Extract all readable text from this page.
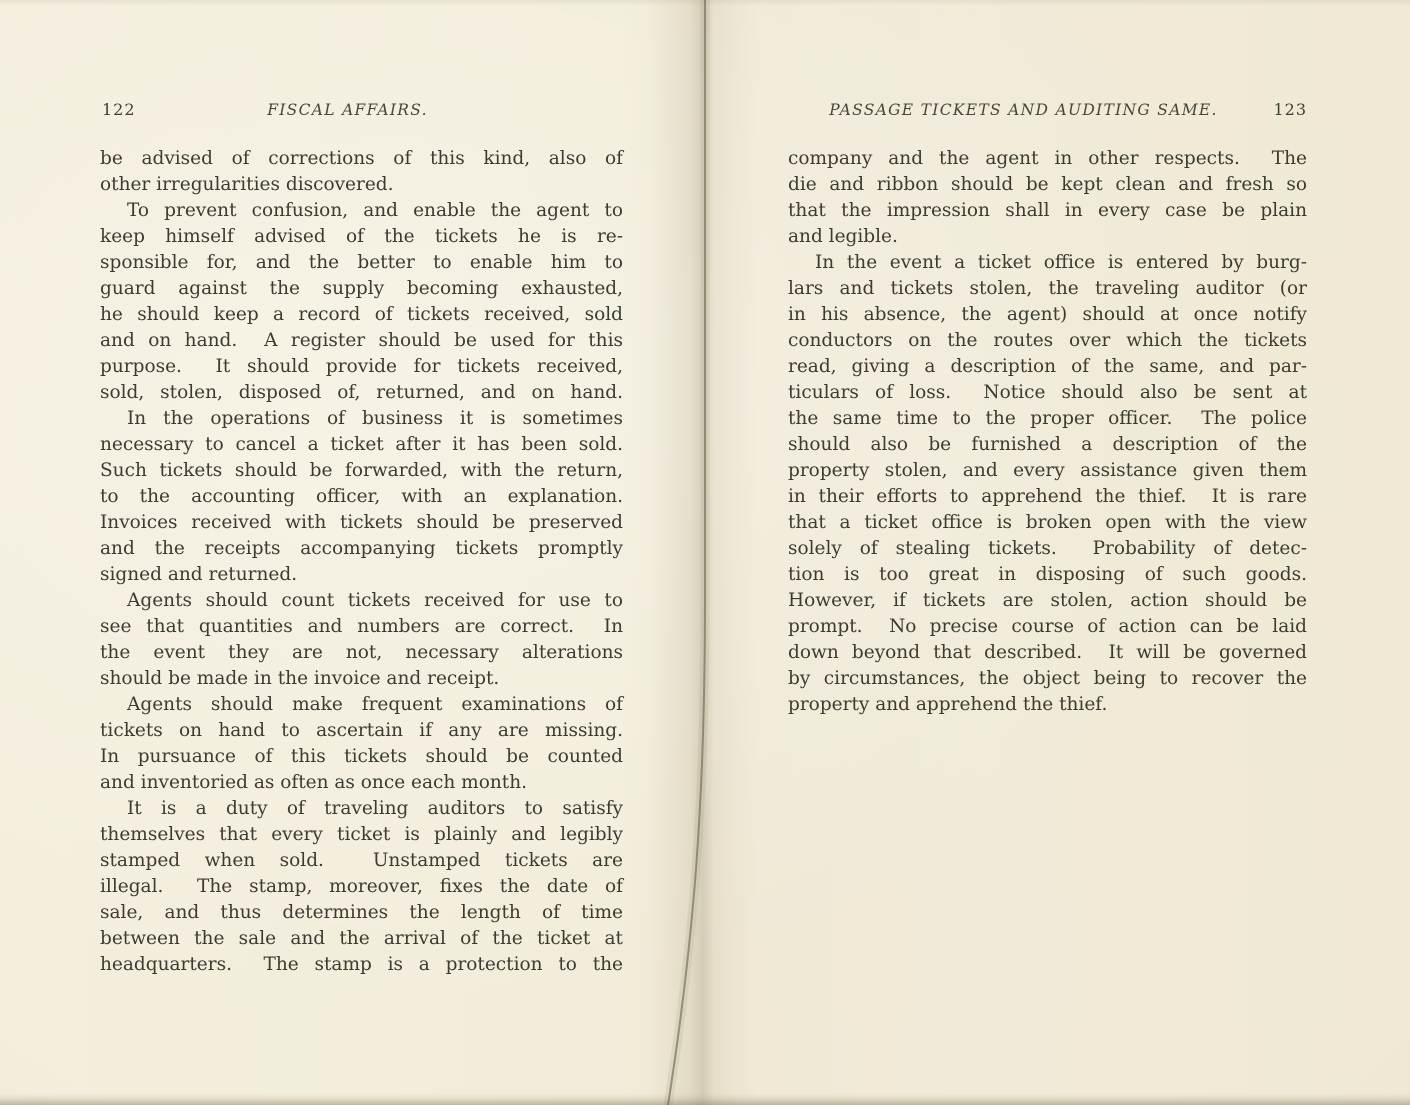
122	FISCAL AFFAIRS.
be advised of corrections of this kind, also of
other irregularities discovered.
To prevent confusion, and enable the agent to
keep himself advised of the tickets he is re-
sponsible for, and the better to enable him to
guard against the supply becoming exhausted,
he should keep a record of tickets received, sold
and on hand.  A register should be used for this
purpose.  It should provide for tickets received,
sold, stolen, disposed of, returned, and on hand.
In the operations of business it is sometimes
necessary to cancel a ticket after it has been sold.
Such tickets should be forwarded, with the return,
to the accounting officer, with an explanation.
Invoices received with tickets should be preserved
and the receipts accompanying tickets promptly
signed and returned.
Agents should count tickets received for use to
see that quantities and numbers are correct.  In
the event they are not, necessary alterations
should be made in the invoice and receipt.
Agents should make frequent examinations of
tickets on hand to ascertain if any are missing.
In pursuance of this tickets should be counted
and inventoried as often as once each month.
It is a duty of traveling auditors to satisfy
themselves that every ticket is plainly and legibly
stamped when sold.  Unstamped tickets are
illegal.  The stamp, moreover, fixes the date of
sale, and thus determines the length of time
between the sale and the arrival of the ticket at
headquarters.  The stamp is a protection to the
PASSAGE TICKETS AND AUDITING SAME.	123
company and the agent in other respects.  The
die and ribbon should be kept clean and fresh so
that the impression shall in every case be plain
and legible.
In the event a ticket office is entered by burg-
lars and tickets stolen, the traveling auditor (or
in his absence, the agent) should at once notify
conductors on the routes over which the tickets
read, giving a description of the same, and par-
ticulars of loss.  Notice should also be sent at
the same time to the proper officer.  The police
should also be furnished a description of the
property stolen, and every assistance given them
in their efforts to apprehend the thief.  It is rare
that a ticket office is broken open with the view
solely of stealing tickets.  Probability of detec-
tion is too great in disposing of such goods.
However, if tickets are stolen, action should be
prompt.  No precise course of action can be laid
down beyond that described.  It will be governed
by circumstances, the object being to recover the
property and apprehend the thief.
